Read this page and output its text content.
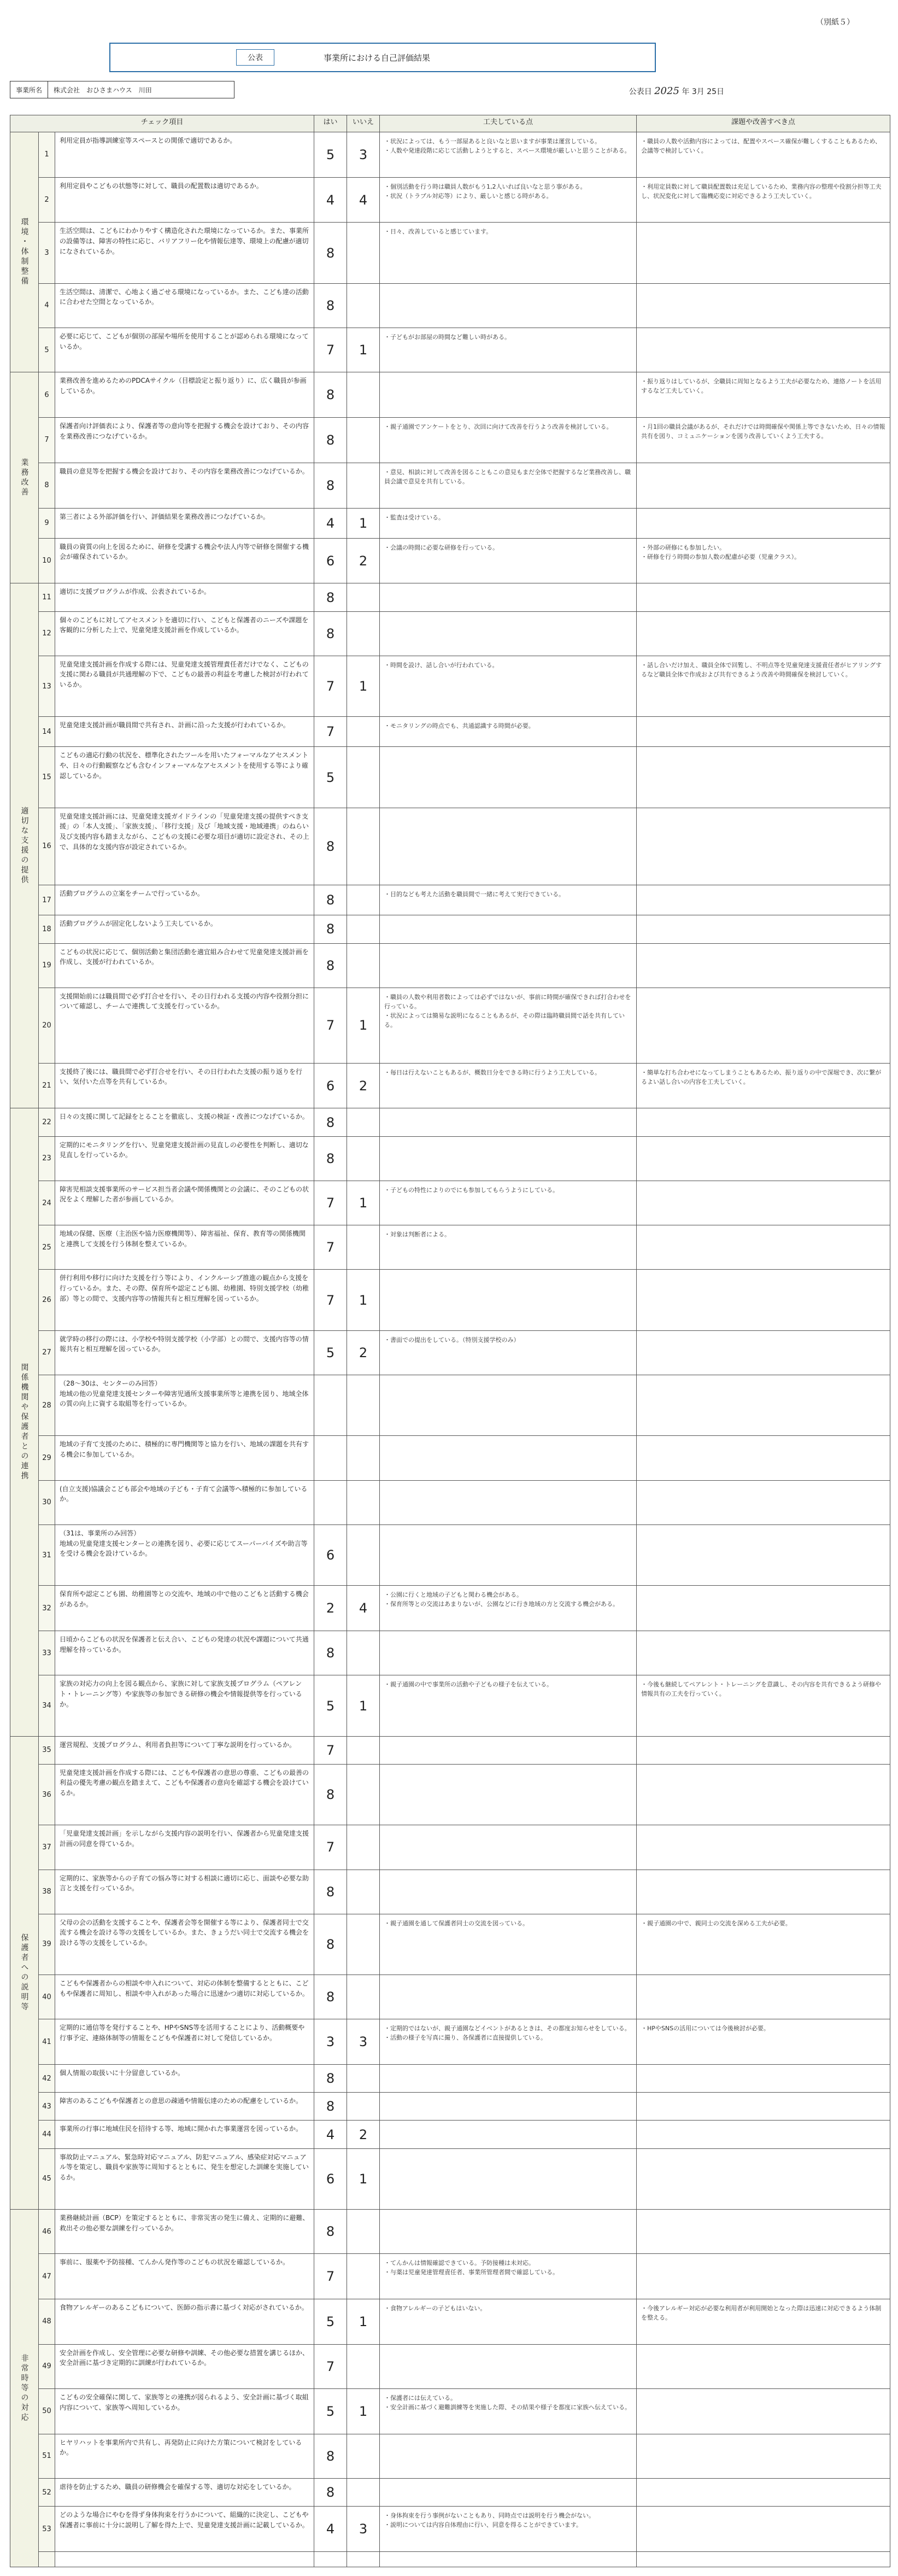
（別紙５）
公表	事業所における自己評価結果
事業所名	株式会社　おひさまハウス　川田	公表日 2025 年 3月 25日
チェック項目			はい	いいえ	工夫している点	課題や改善すべき点

環境・体制整備	1	利用定員が指導訓練室等スペースとの関係で適切であるか。	5	3	・状況によっては、もう一部屋あると良いなと思いますが事業は運営している。
・人数や発達段階に応じて活動しようとすると、スペース環境が厳しいと思うことがある。	・職員の人数や活動内容によっては、配置やスペース確保が難しくすることもあるため、会議等で検討していく。
	2	利用定員やこどもの状態等に対して、職員の配置数は適切であるか。	4	4	・個別活動を行う時は職員人数がもう1,2人いれば良いなと思う事がある。
・状況（トラブル対応等）により、厳しいと感じる時がある。	・利用定員数に対して職員配置数は充足しているため、業務内容の整理や役割分担等工夫し、状況変化に対して臨機応変に対応できるよう工夫していく。
	3	生活空間は、こどもにわかりやすく構造化された環境になっているか。また、事業所の設備等は、障害の特性に応じ、バリアフリー化や情報伝達等、環境上の配慮が適切になされているか。	8		・日々、改善していると感じています。	
	4	生活空間は、清潔で、心地よく過ごせる環境になっているか。また、こども達の活動に合わせた空間となっているか。	8			
	5	必要に応じて、こどもが個別の部屋や場所を使用することが認められる環境になっているか。	7	1	・子どもがお部屋の時間など難しい時がある。	

業務改善	6	業務改善を進めるためのPDCAサイクル（目標設定と振り返り）に、広く職員が参画しているか。	8			・振り返りはしているが、全職員に周知となるよう工夫が必要なため、連絡ノートを活用するなど工夫していく。
	7	保護者向け評価表により、保護者等の意向等を把握する機会を設けており、その内容を業務改善につなげているか。	8		・親子通園でアンケートをとり、次回に向けて改善を行うよう改善を検討している。	・月1回の職員会議があるが、それだけでは時間確保や関係上等できないため、日々の情報共有を図り、コミュニケーションを図り改善していくよう工夫する。
	8	職員の意見等を把握する機会を設けており、その内容を業務改善につなげているか。	8		・意見、相談に対して改善を図ることもこの意見もまだ全体で把握するなど業務改善し、職員会議で意見を共有している。	
	9	第三者による外部評価を行い、評価結果を業務改善につなげているか。	4	1	・監査は受けている。	
	10	職員の資質の向上を図るために、研修を受講する機会や法人内等で研修を開催する機会が確保されているか。	6	2	・会議の時間に必要な研修を行っている。	・外部の研修にも参加したい。
・研修を行う時間の参加人数の配慮が必要（児童クラス）。

適切な支援の提供	11	適切に支援プログラムが作成、公表されているか。	8			
	12	個々のこどもに対してアセスメントを適切に行い、こどもと保護者のニーズや課題を客観的に分析した上で、児童発達支援計画を作成しているか。	8			
	13	児童発達支援計画を作成する際には、児童発達支援管理責任者だけでなく、こどもの支援に関わる職員が共通理解の下で、こどもの最善の利益を考慮した検討が行われているか。	7	1	・時間を設け、話し合いが行われている。	・話し合いだけ加え、職員全体で回覧し、不明点等を児童発達支援責任者がヒアリングするなど職員全体で作成および共有できるよう改善や時間確保を検討していく。
	14	児童発達支援計画が職員間で共有され、計画に沿った支援が行われているか。	7		・モニタリングの時点でも、共通認識する時間が必要。	
	15	こどもの適応行動の状況を、標準化されたツールを用いたフォーマルなアセスメントや、日々の行動観察なども含むインフォーマルなアセスメントを使用する等により確認しているか。	5			
	16	児童発達支援計画には、児童発達支援ガイドラインの「児童発達支援の提供すべき支援」の「本人支援」、「家族支援」、「移行支援」及び「地域支援・地域連携」のねらい及び支援内容も踏まえながら、こどもの支援に必要な項目が適切に設定され、その上で、具体的な支援内容が設定されているか。	8			
	17	活動プログラムの立案をチームで行っているか。	8		・目的なども考えた活動を職員間で一緒に考えて実行できている。	
	18	活動プログラムが固定化しないよう工夫しているか。	8			
	19	こどもの状況に応じて、個別活動と集団活動を適宜組み合わせて児童発達支援計画を作成し、支援が行われているか。	8			
	20	支援開始前には職員間で必ず打合せを行い、その日行われる支援の内容や役割分担について確認し、チームで連携して支援を行っているか。	7	1	・職員の人数や利用者数によっては必ずではないが、事前に時間が確保できれば打合わせを行っている。
・状況によっては簡易な説明になることもあるが、その際は臨時職員間で話を共有している。	
	21	支援終了後には、職員間で必ず打合せを行い、その日行われた支援の振り返りを行い、気付いた点等を共有しているか。	6	2	・毎日は行えないこともあるが、概数日分をできる時に行うよう工夫している。	・簡単な打ち合わせになってしまうこともあるため、振り返りの中で深堀でき、次に繋がるよい話し合いの内容を工夫していく。

関係機関や保護者との連携	22	日々の支援に関して記録をとることを徹底し、支援の検証・改善につなげているか。	8			
	23	定期的にモニタリングを行い、児童発達支援計画の見直しの必要性を判断し、適切な見直しを行っているか。	8			
	24	障害児相談支援事業所のサービス担当者会議や関係機関との会議に、そのこどもの状況をよく理解した者が参画しているか。	7	1	・子どもの特性によりのでにも参加してもらうようにしている。	
	25	地域の保健、医療（主治医や協力医療機関等）、障害福祉、保育、教育等の関係機関と連携して支援を行う体制を整えているか。	7		・対象は判断者による。	
	26	併行利用や移行に向けた支援を行う等により、インクルーシブ推進の観点から支援を行っているか。また、その際、保育所や認定こども園、幼稚園、特別支援学校（幼稚部）等との間で、支援内容等の情報共有と相互理解を図っているか。	7	1		
	27	就学時の移行の際には、小学校や特別支援学校（小学部）との間で、支援内容等の情報共有と相互理解を図っているか。	5	2	・書面での提出をしている。（特別支援学校のみ）	
	28	（28～30は、センターのみ回答）
地域の他の児童発達支援センターや障害児通所支援事業所等と連携を図り、地域全体の質の向上に資する取組等を行っているか。				
	29	地域の子育て支援のために、積極的に専門機関等と協力を行い、地域の課題を共有する機会に参加しているか。				
	30	(自立支援)協議会こども部会や地域の子ども・子育て会議等へ積極的に参加しているか。				
	31	（31は、事業所のみ回答）
地域の児童発達支援センターとの連携を図り、必要に応じてスーパーバイズや助言等を受ける機会を設けているか。	6			
	32	保育所や認定こども園、幼稚園等との交流や、地域の中で他のこどもと活動する機会があるか。	2	4	・公園に行くと地域の子どもと関わる機会がある。
・保育所等との交流はあまりないが、公園などに行き地域の方と交流する機会がある。	
	33	日頃からこどもの状況を保護者と伝え合い、こどもの発達の状況や課題について共通理解を持っているか。	8			
	34	家族の対応力の向上を図る観点から、家族に対して家族支援プログラム（ペアレント・トレーニング等）や家族等の参加できる研修の機会や情報提供等を行っているか。	5	1	・親子通園の中で事業所の活動や子どもの様子を伝えている。	・今後も継続してペアレント・トレーニングを意識し、その内容を共有できるよう研修や情報共有の工夫を行っていく。

保護者への説明等	35	運営規程、支援プログラム、利用者負担等について丁寧な説明を行っているか。	7			
	36	児童発達支援計画を作成する際には、こどもや保護者の意思の尊重、こどもの最善の利益の優先考慮の観点を踏まえて、こどもや保護者の意向を確認する機会を設けているか。	8			
	37	「児童発達支援計画」を示しながら支援内容の説明を行い、保護者から児童発達支援計画の同意を得ているか。	7			
	38	定期的に、家族等からの子育ての悩み等に対する相談に適切に応じ、面談や必要な助言と支援を行っているか。	8			
	39	父母の会の活動を支援することや、保護者会等を開催する等により、保護者同士で交流する機会を設ける等の支援をしているか。また、きょうだい同士で交流する機会を設ける等の支援をしているか。	8		・親子通園を通して保護者同士の交流を図っている。	・親子通園の中で、親同士の交流を深める工夫が必要。
	40	こどもや保護者からの相談や申入れについて、対応の体制を整備するとともに、こどもや保護者に周知し、相談や申入れがあった場合に迅速かつ適切に対応しているか。	8			
	41	定期的に通信等を発行することや、HPやSNS等を活用することにより、活動概要や行事予定、連絡体制等の情報をこどもや保護者に対して発信しているか。	3	3	・定期的ではないが、親子通園などイベントがあるときは、その都度お知らせをしている。
・活動の様子を写真に撮り、各保護者に直接提供している。	・HPやSNSの活用については今後検討が必要。
	42	個人情報の取扱いに十分留意しているか。	8			
	43	障害のあるこどもや保護者との意思の疎通や情報伝達のための配慮をしているか。	8			
	44	事業所の行事に地域住民を招待する等、地域に開かれた事業運営を図っているか。	4	2		
	45	事故防止マニュアル、緊急時対応マニュアル、防犯マニュアル、感染症対応マニュアル等を策定し、職員や家族等に周知するとともに、発生を想定した訓練を実施しているか。	6	1		

非常時等の対応	46	業務継続計画（BCP）を策定するとともに、非常災害の発生に備え、定期的に避難、救出その他必要な訓練を行っているか。	8			
	47	事前に、服薬や予防接種、てんかん発作等のこどもの状況を確認しているか。	7		・てんかんは情報確認できている。予防接種は未対応。
・与薬は児童発達管理責任者、事業所管理者間で確認している。	
	48	食物アレルギーのあるこどもについて、医師の指示書に基づく対応がされているか。	5	1	・食物アレルギーの子どもはいない。	・今後アレルギー対応が必要な利用者が利用開始となった際は迅速に対応できるよう体制を整える。
	49	安全計画を作成し、安全管理に必要な研修や訓練、その他必要な措置を講じるほか、安全計画に基づき定期的に訓練が行われているか。	7			
	50	こどもの安全確保に関して、家族等との連携が図られるよう、安全計画に基づく取組内容について、家族等へ周知しているか。	5	1	・保護者には伝えている。
・安全計画に基づく避難訓練等を実施した際、その結果や様子を都度に家族へ伝えている。	
	51	ヒヤリハットを事業所内で共有し、再発防止に向けた方策について検討をしているか。	8			
	52	虐待を防止するため、職員の研修機会を確保する等、適切な対応をしているか。	8			
	53	どのような場合にやむを得ず身体拘束を行うかについて、組織的に決定し、こどもや保護者に事前に十分に説明し了解を得た上で、児童発達支援計画に記載しているか。	4	3	・身体拘束を行う事例がないこともあり、同時点では説明を行う機会がない。
・説明については内容自体理由に行い、同意を得ることができています。	
